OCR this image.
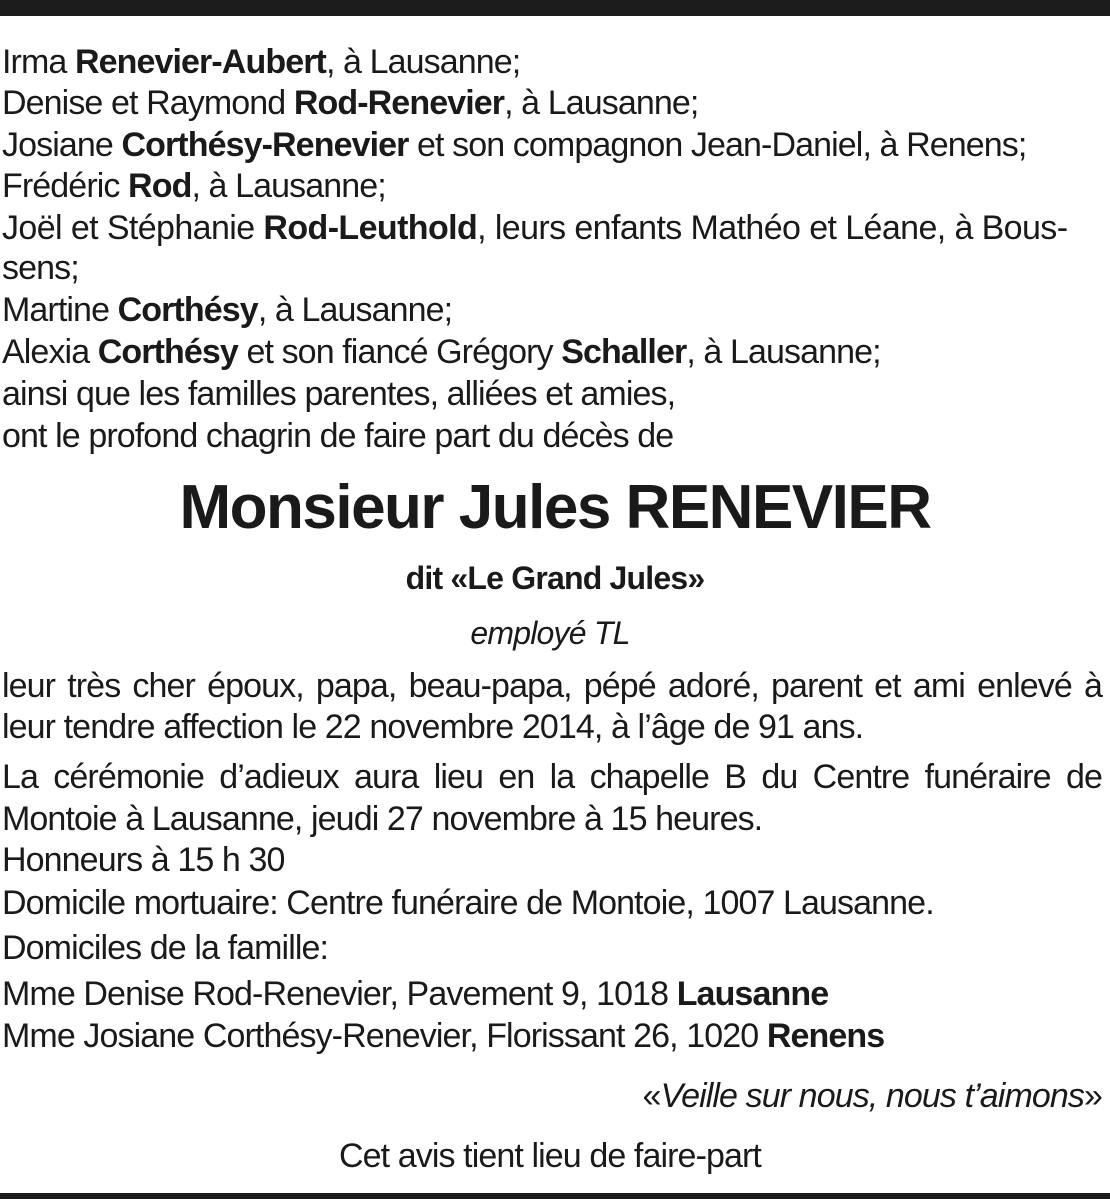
Irma Renevier-Aubert, à Lausanne;
Denise et Raymond Rod-Renevier, à Lausanne;
Josiane Corthésy-Renevier et son compagnon Jean-Daniel, à Renens;
Frédéric Rod, à Lausanne;
Joël et Stéphanie Rod-Leuthold, leurs enfants Mathéo et Léane, à Bous-
sens;
Martine Corthésy, à Lausanne;
Alexia Corthésy et son fiancé Grégory Schaller, à Lausanne;
ainsi que les familles parentes, alliées et amies,
ont le profond chagrin de faire part du décès de
Monsieur Jules RENEVIER
dit «Le Grand Jules»
employé TL
leur très cher époux, papa, beau-papa, pépé adoré, parent et ami enlevé à
leur tendre affection le 22 novembre 2014, à l’âge de 91 ans.
La cérémonie d’adieux aura lieu en la chapelle B du Centre funéraire de
Montoie à Lausanne, jeudi 27 novembre à 15 heures.
Honneurs à 15 h 30
Domicile mortuaire: Centre funéraire de Montoie, 1007 Lausanne.
Domiciles de la famille:
Mme Denise Rod-Renevier, Pavement 9, 1018 Lausanne
Mme Josiane Corthésy-Renevier, Florissant 26, 1020 Renens
«Veille sur nous, nous t’aimons»
Cet avis tient lieu de faire-part
